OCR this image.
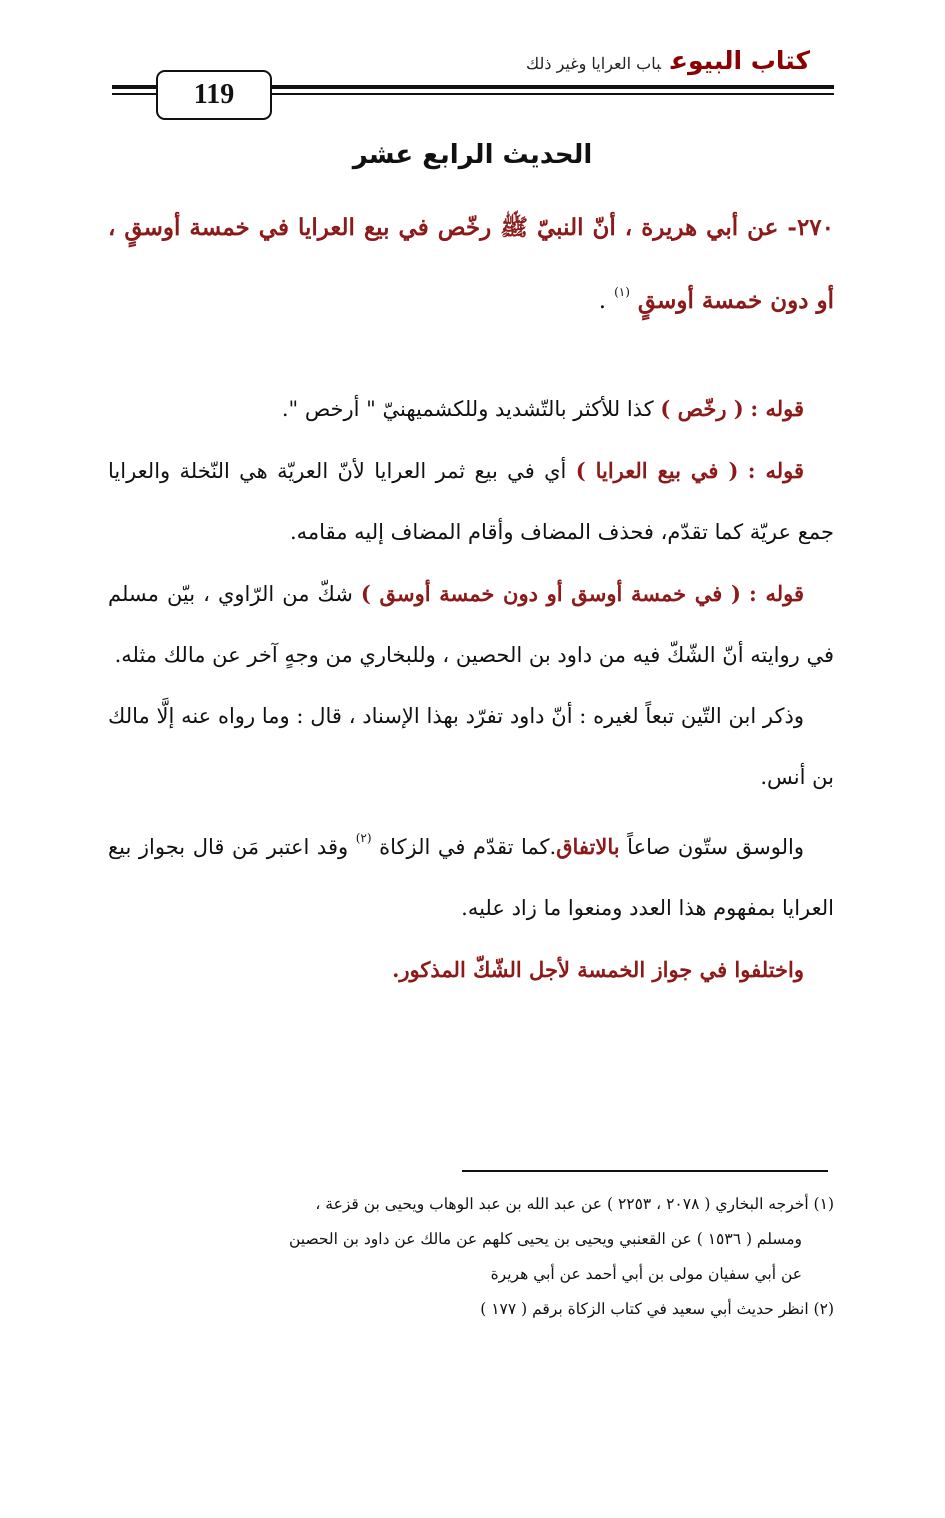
119
كتاب البيوعباب العرايا وغير ذلك
الحديث الرابع عشر
٢٧٠- عن أبي هريرة ، أنّ النبيّ ﷺ رخّص في بيع العرايا في خمسة أوسقٍ ، أو دون خمسة أوسقٍ $^{(١)}$ .

قوله : ( رخّص ) كذا للأكثر بالتّشديد وللكشميهنيّ " أرخص ".

قوله : ( في بيع العرايا ) أي في بيع ثمر العرايا لأنّ العريّة هي النّخلة والعرايا جمع عريّة كما تقدّم، فحذف المضاف وأقام المضاف إليه مقامه.

قوله : ( في خمسة أوسق أو دون خمسة أوسق ) شكّ من الرّاوي ، بيّن مسلم في روايته أنّ الشّكّ فيه من داود بن الحصين ، وللبخاري من وجهٍ آخر عن مالك مثله.

وذكر ابن التّين تبعاً لغيره : أنّ داود تفرّد بهذا الإسناد ، قال : وما رواه عنه إلَّا مالك بن أنس.

والوسق ستّون صاعاً بالاتفاق.كما تقدّم في الزكاة $^{(٢)}$ وقد اعتبر مَن قال بجواز بيع العرايا بمفهوم هذا العدد ومنعوا ما زاد عليه.

واختلفوا في جواز الخمسة لأجل الشّكّ المذكور.

(١) أخرجه البخاري ( ٢٠٧٨ ، ٢٢٥٣ ) عن عبد الله بن عبد الوهاب ويحيى بن قزعة ،

ومسلم ( ١٥٣٦ ) عن القعنبي ويحيى بن يحيى كلهم عن مالك عن داود بن الحصين

عن أبي سفيان مولى بن أبي أحمد عن أبي هريرة

(٢) انظر حديث أبي سعيد في كتاب الزكاة برقم ( ١٧٧ )
